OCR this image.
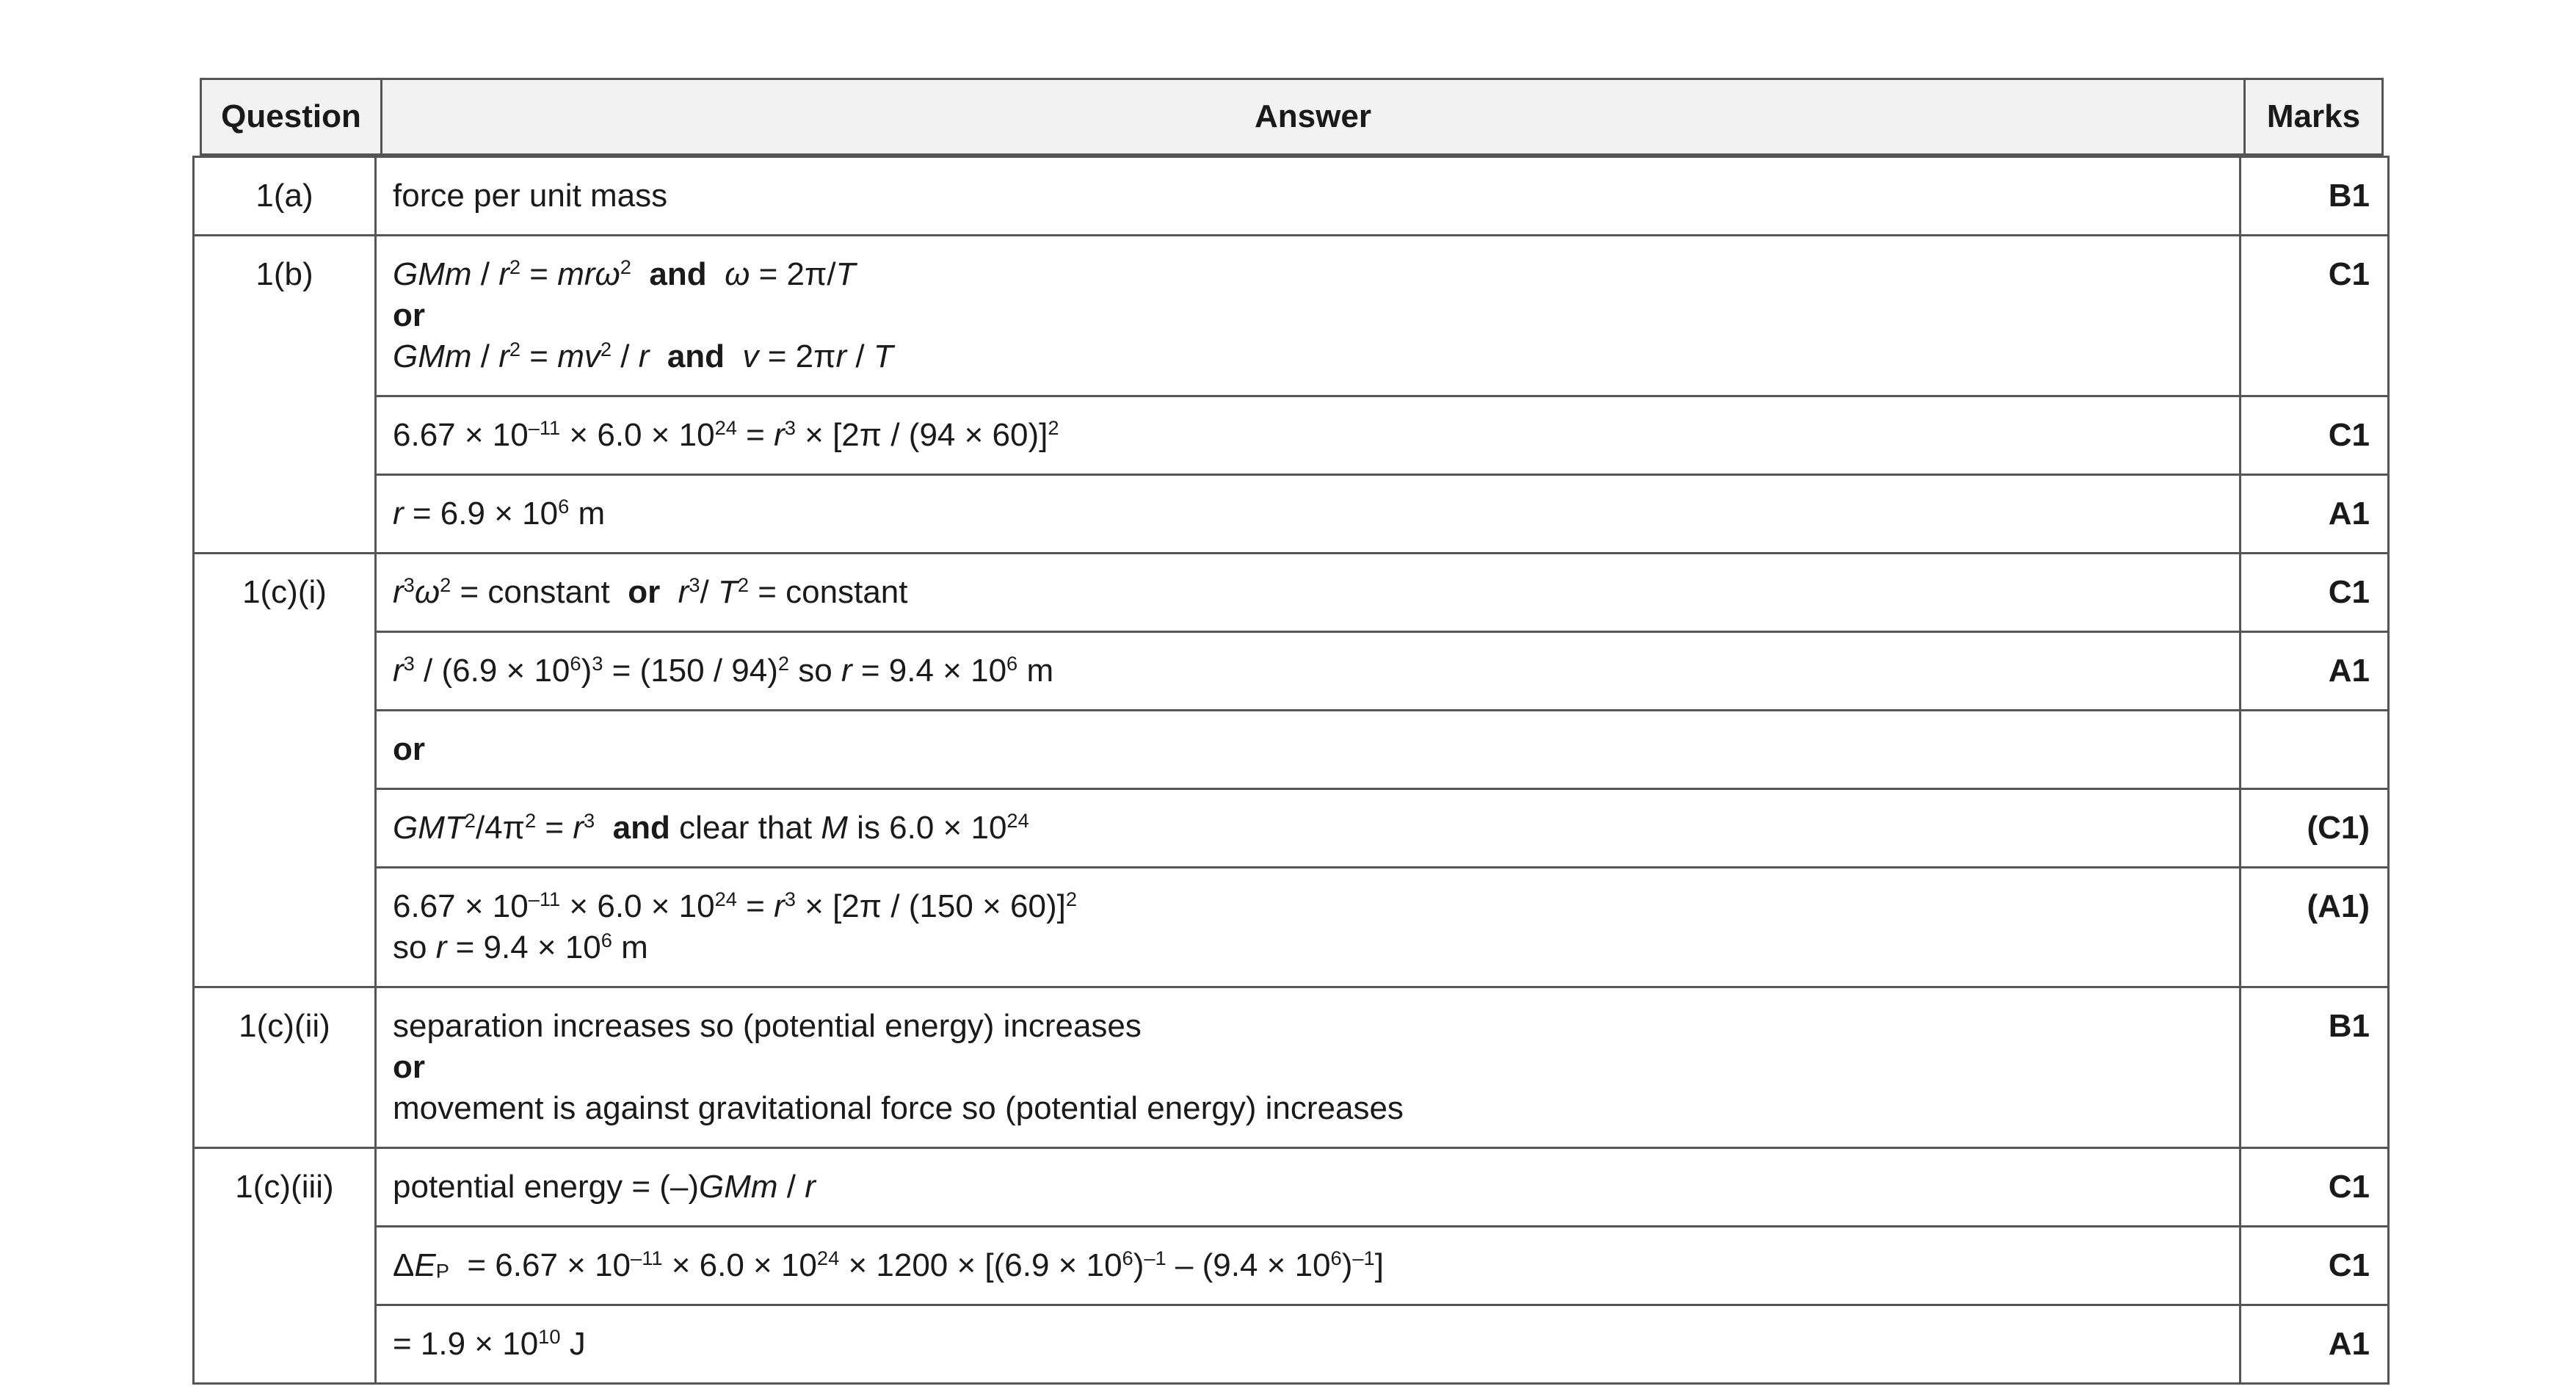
Question	Answer	Marks
1(a)	force per unit mass	B1
1(b)	GMm / $r^2 = mr\omega^2$ and ω = 2π/T
or
GMm / $r^2 = mv^2 / r$ and v = 2πr / T	C1
	$6.67 \times 10^{-11} \times 6.0 \times 10^{24} = r^3 \times [2\pi / (94 \times 60)]^2$	C1
	$r = 6.9 \times 10^6$ m	A1
1(c)(i)	$r^3\omega^2$ = constant  or $r^3/$ $T^2$ = constant	C1
	$r^3 / (6.9 \times 10^6)^3 = (150 / 94)^2$ so $r = 9.4 \times 10^6$ m	A1
	or	
	$GMT^2/4\pi^2 = r^3$ and clear that M is $6.0 \times 10^{24}$	(C1)

	$6.67 \times 10^{-11} \times 6.0 \times 10^{24} = r^3 \times [2\pi / (150 \times 60)]^2$
so $r = 9.4 \times 10^6$ m	(A1)
1(c)(ii)	separation increases so (potential energy) increases
or
movement is against gravitational force so (potential energy) increases	B1
1(c)(iii)	potential energy = (–)GMm / r	C1
	$\Delta E_P = 6.67 \times 10^{-11} \times 6.0 \times 10^{24} \times 1200 \times [(6.9 \times 10^6)^{-1} - (9.4 \times 10^6)^{-1}]$	C1
	= $1.9 \times 10^{10}$ J	A1
